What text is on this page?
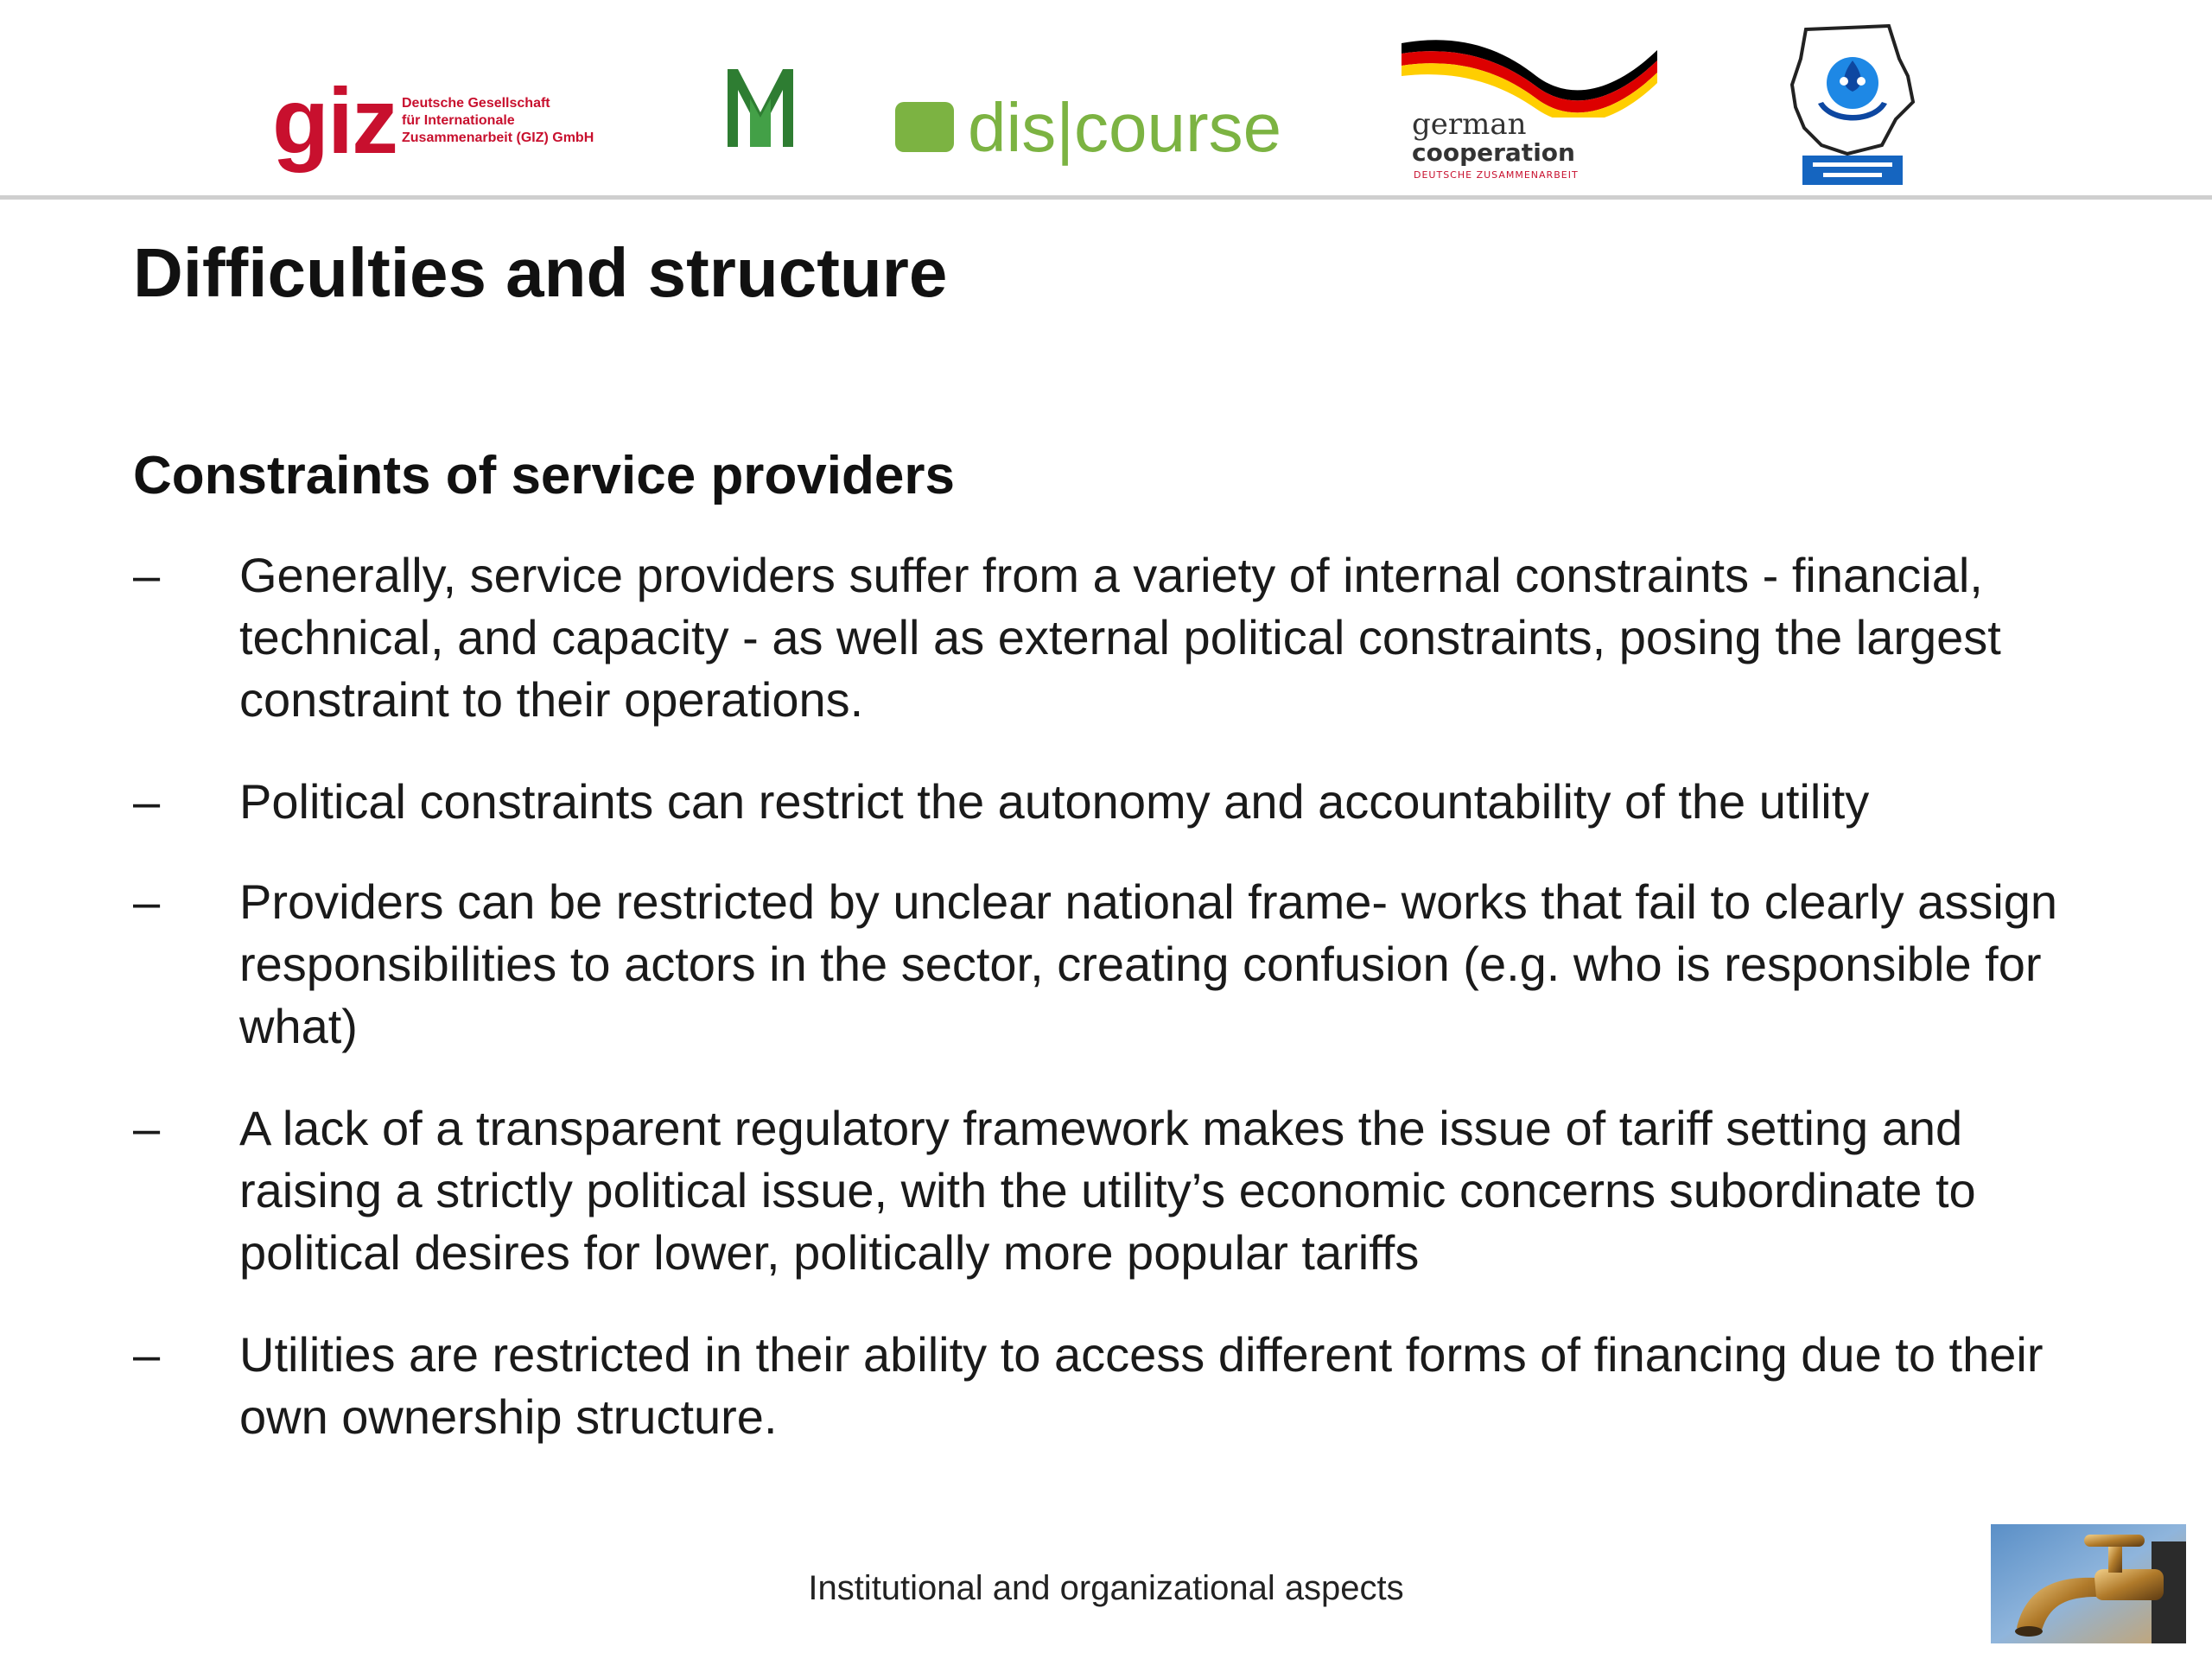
giz Deutsche Gesellschaft
für Internationale
Zusammenarbeit (GIZ) GmbH	dis|course	german
cooperation
DEUTSCHE ZUSAMMENARBEIT
Difficulties and structure
Constraints of service providers
– Generally, service providers suffer from a variety of internal constraints - financial, technical, and capacity - as well as external political constraints, posing the largest constraint to their operations.
– Political constraints can restrict the autonomy and accountability of the utility
– Providers can be restricted by unclear national frame- works that fail to clearly assign responsibilities to actors in the sector, creating confusion (e.g. who is responsible for what)
– A lack of a transparent regulatory framework makes the issue of tariff setting and raising a strictly political issue, with the utility’s economic concerns subordinate to political desires for lower, politically more popular tariffs
– Utilities are restricted in their ability to access different forms of financing due to their own ownership structure.
Institutional and organizational aspects
